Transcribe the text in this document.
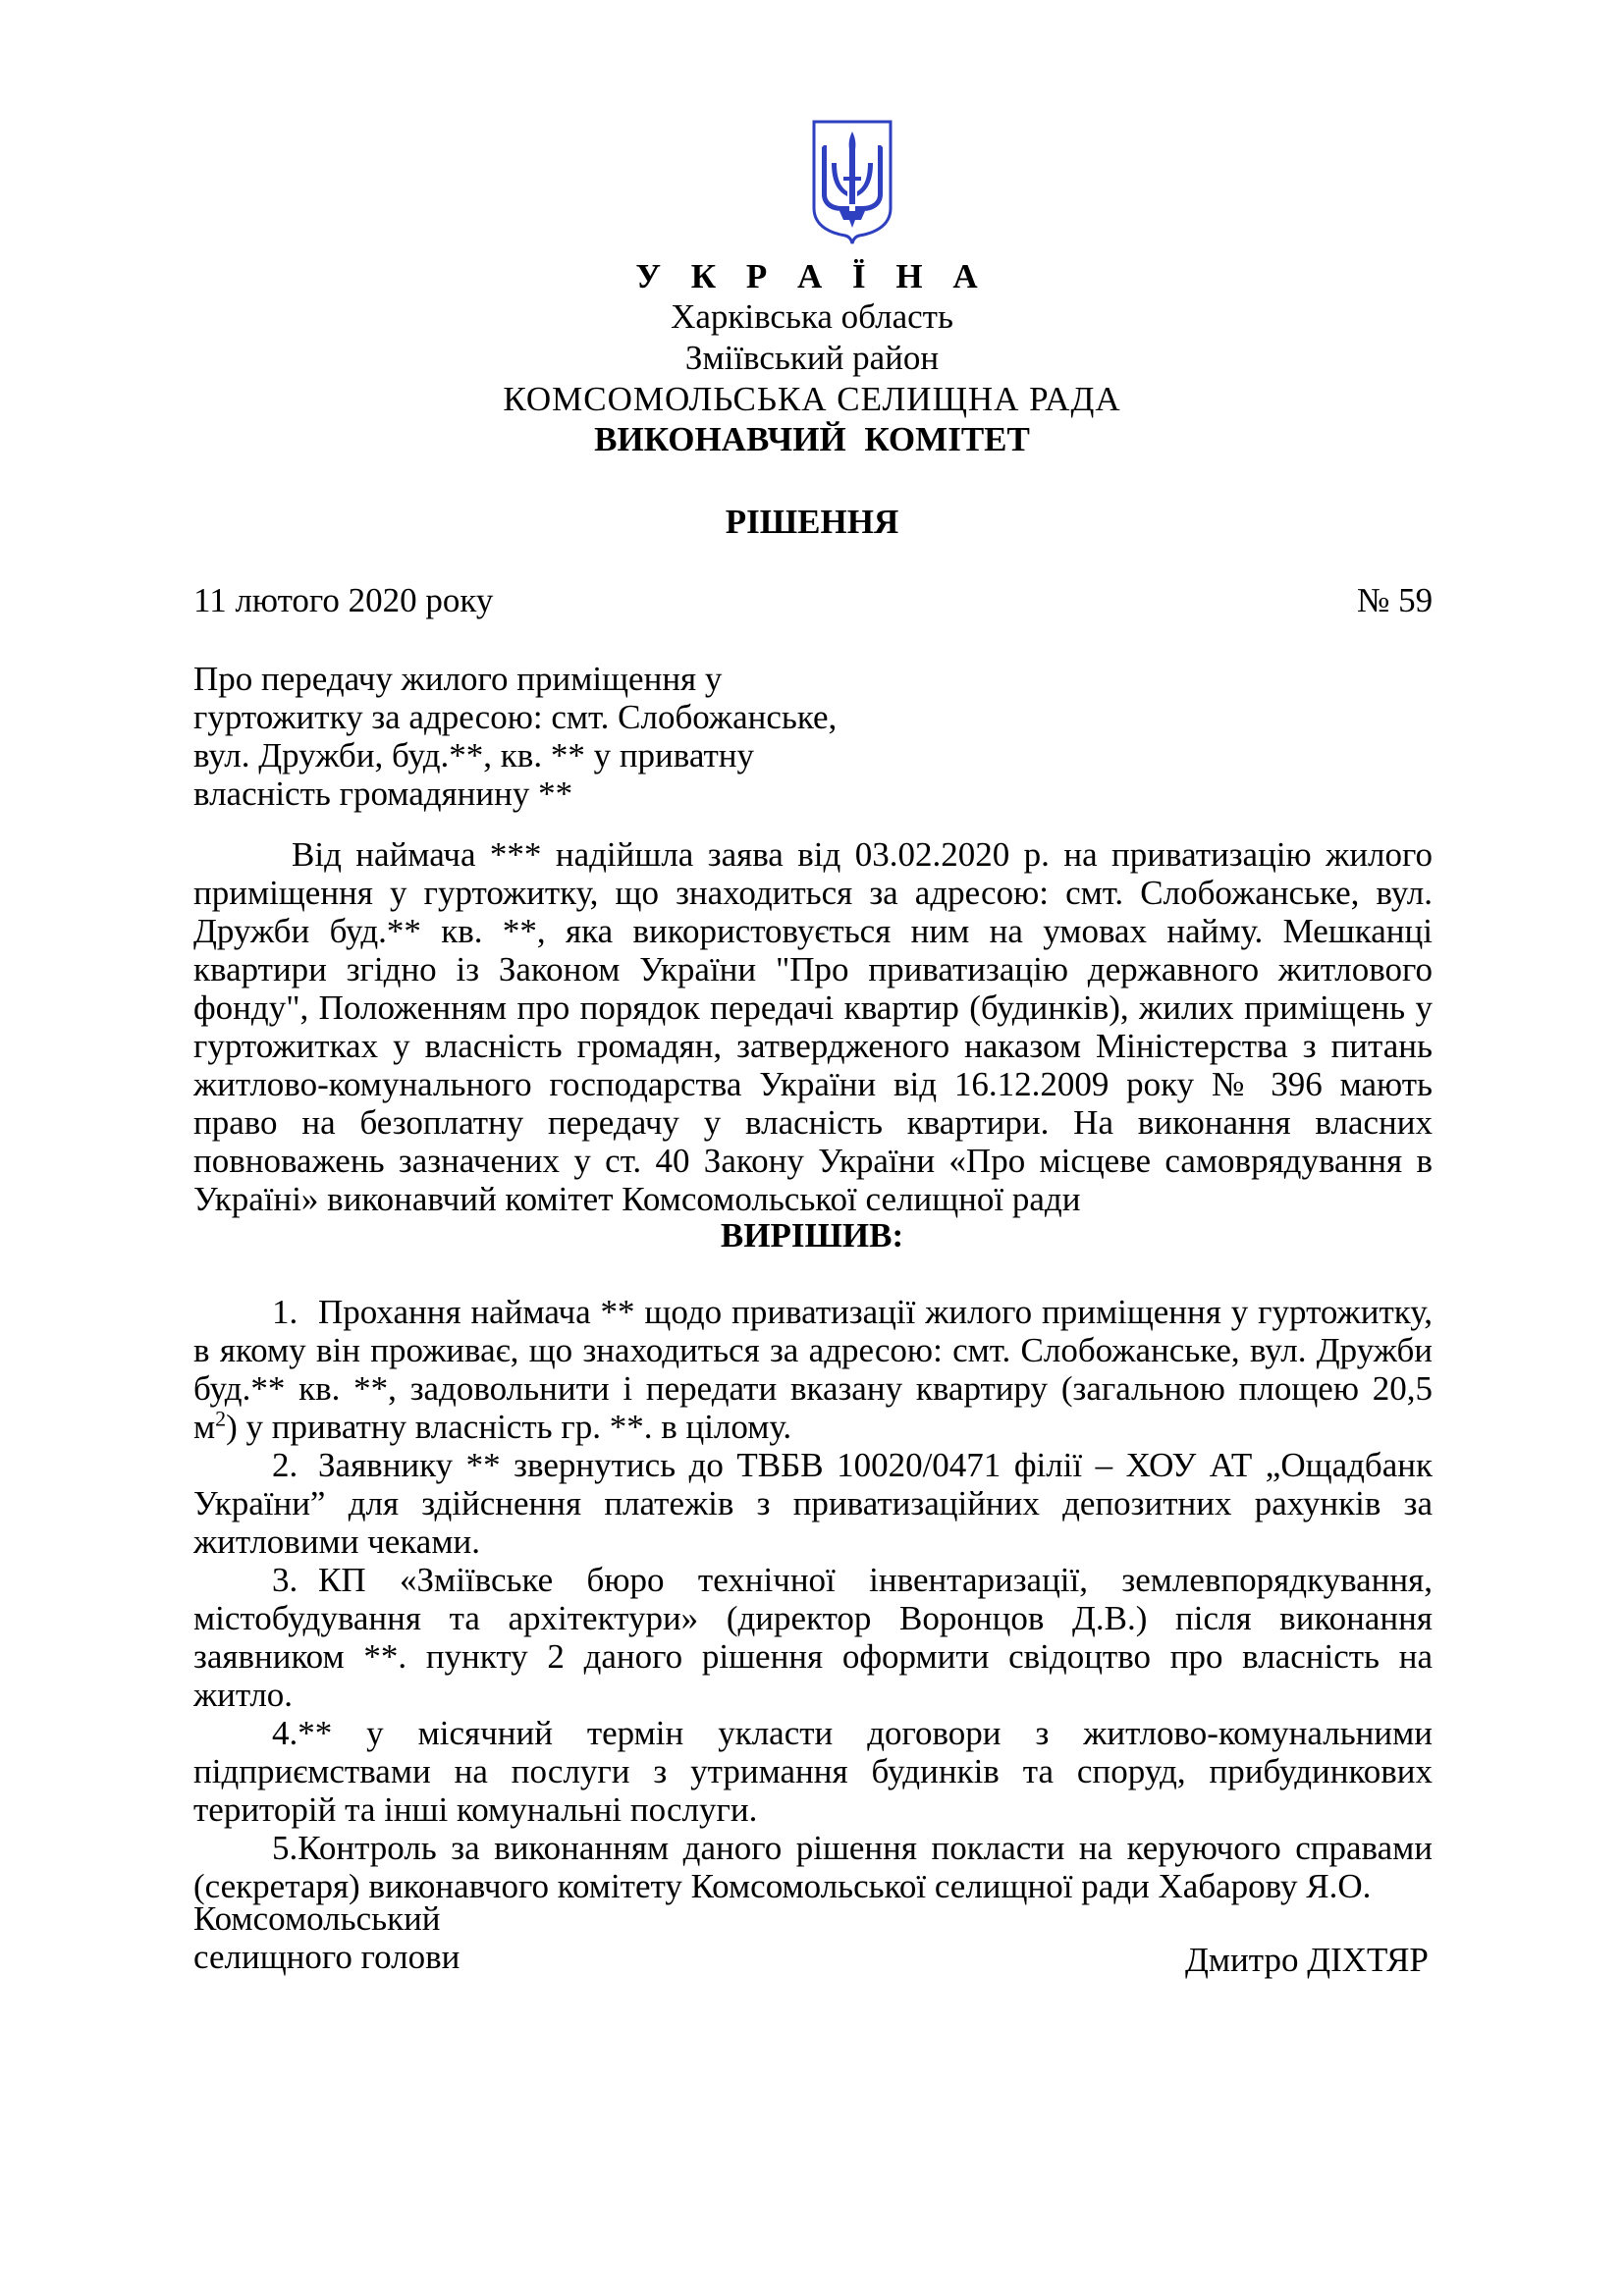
У К Р А Ї Н А
Харківська область
Зміївський район
КОМСОМОЛЬСЬКА СЕЛИЩНА РАДА
ВИКОНАВЧИЙ КОМІТЕТ
РІШЕННЯ
11 лютого 2020 року	№ 59
Про передачу жилого приміщення у
гуртожитку за адресою: смт. Слобожанське,
вул. Дружби, буд.**, кв. ** у приватну
власність громадянину **
Від наймача *** надійшла заява від 03.02.2020 р. на приватизацію жилого приміщення у гуртожитку, що знаходиться за адресою: смт. Слобожанське, вул. Дружби буд.** кв. **, яка використовується ним на умовах найму. Мешканці квартири згідно із Законом України "Про приватизацію державного житлового фонду", Положенням про порядок передачі квартир (будинків), жилих приміщень у гуртожитках у власність громадян, затвердженого наказом Міністерства з питань житлово-комунального господарства України від 16.12.2009 року № 396 мають право на безоплатну передачу у власність квартири. На виконання власних повноважень зазначених у ст. 40 Закону України «Про місцеве самоврядування в Україні» виконавчий комітет Комсомольської селищної ради
ВИРІШИВ:

1. Прохання наймача ** щодо приватизації жилого приміщення у гуртожитку, в якому він проживає, що знаходиться за адресою: смт. Слобожанське, вул. Дружби буд.** кв. **, задовольнити і передати вказану квартиру (загальною площею 20,5 $м^2$) у приватну власність гр. **. в цілому.

2. Заявнику ** звернутись до ТВБВ 10020/0471 філії – ХОУ АТ „Ощадбанк України” для здійснення платежів з приватизаційних депозитних рахунків за житловими чеками.

3. КП «Зміївське бюро технічної інвентаризації, землевпорядкування, містобудування та архітектури» (директор Воронцов Д.В.) після виконання заявником **. пункту 2 даного рішення оформити свідоцтво про власність на житло.

4.** у місячний термін укласти договори з житлово-комунальними підприємствами на послуги з утримання будинків та споруд, прибудинкових територій та інші комунальні послуги.

5.Контроль за виконанням даного рішення покласти на керуючого справами (секретаря) виконавчого комітету Комсомольської селищної ради Хабарову Я.О.

Комсомольський
селищного голови	Дмитро ДІХТЯР
